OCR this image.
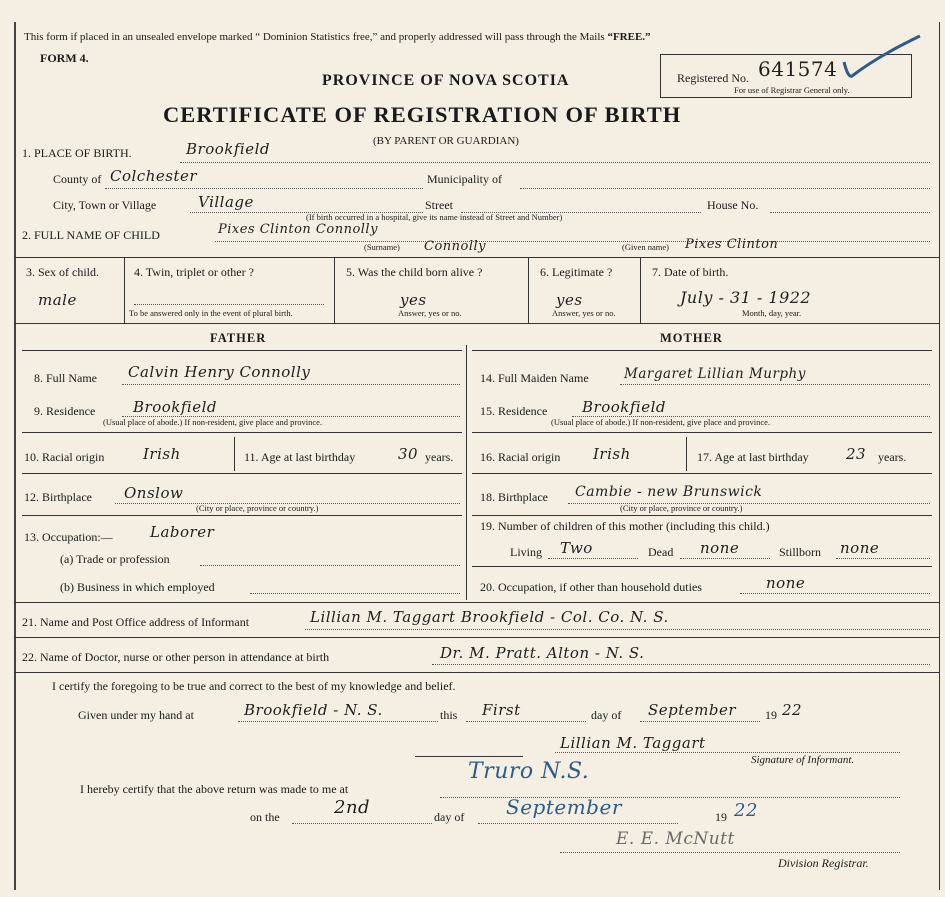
This form if placed in an unsealed envelope marked “ Dominion Statistics free,” and properly addressed will pass through the Mails “FREE.”
FORM 4.
PROVINCE OF NOVA SCOTIA
CERTIFICATE OF REGISTRATION OF BIRTH
(BY PARENT OR GUARDIAN)
Registered No. 641574
For use of Registrar General only.
1. PLACE OF BIRTH.	Brookfield
County of Colchester	Municipality of
City, Town or Village	Village	Street	House No.
(If birth occurred in a hospital, give its name instead of Street and Number)
2. FULL NAME OF CHILD	Pixes Clinton Connolly
Connolly
(Surname)	(Given name) Pixes Clinton
3. Sex of child.
male
4. Twin, triplet or other ?
To be answered only in the event of plural birth.
5. Was the child born alive ?
yes
Answer, yes or no.
6. Legitimate ?
yes
Answer, yes or no.
7. Date of birth.
July - 31 - 1922
Month, day, year.
FATHER	MOTHER
8. Full Name Calvin Henry Connolly
9. Residence	Brookfield
(Usual place of abode.) If non-resident, give place and province.
10. Racial origin	Irish	11. Age at last birthday	30 years.
12. Birthplace Onslow
(City or place, province or country.)
13. Occupation:— Laborer
(a) Trade or profession
(b) Business in which employed
14. Full Maiden Name	Margaret Lillian Murphy
15. Residence Brookfield
(Usual place of abode.) If non-resident, give place and province.
16. Racial origin Irish	17. Age at last birthday 23 years.
18. Birthplace Cambie - new Brunswick
(City or place, province or country.)
19. Number of children of this mother (including this child.)
Living Two	Dead none	Stillborn none
20. Occupation, if other than household duties	none
21. Name and Post Office address of Informant	Lillian M. Taggart Brookfield - Col. Co. N. S.
22. Name of Doctor, nurse or other person in attendance at birth	Dr. M. Pratt. Alton - N. S.
I certify the foregoing to be true and correct to the best of my knowledge and belief.
Given under my hand at	Brookfield - N. S.	this First	day of September 19 22
Lillian M. Taggart
Signature of Informant.
I hereby certify that the above return was made to me at
Truro N.S.
on the	2nd	day of September	19 22
E. E. McNutt
Division Registrar.
